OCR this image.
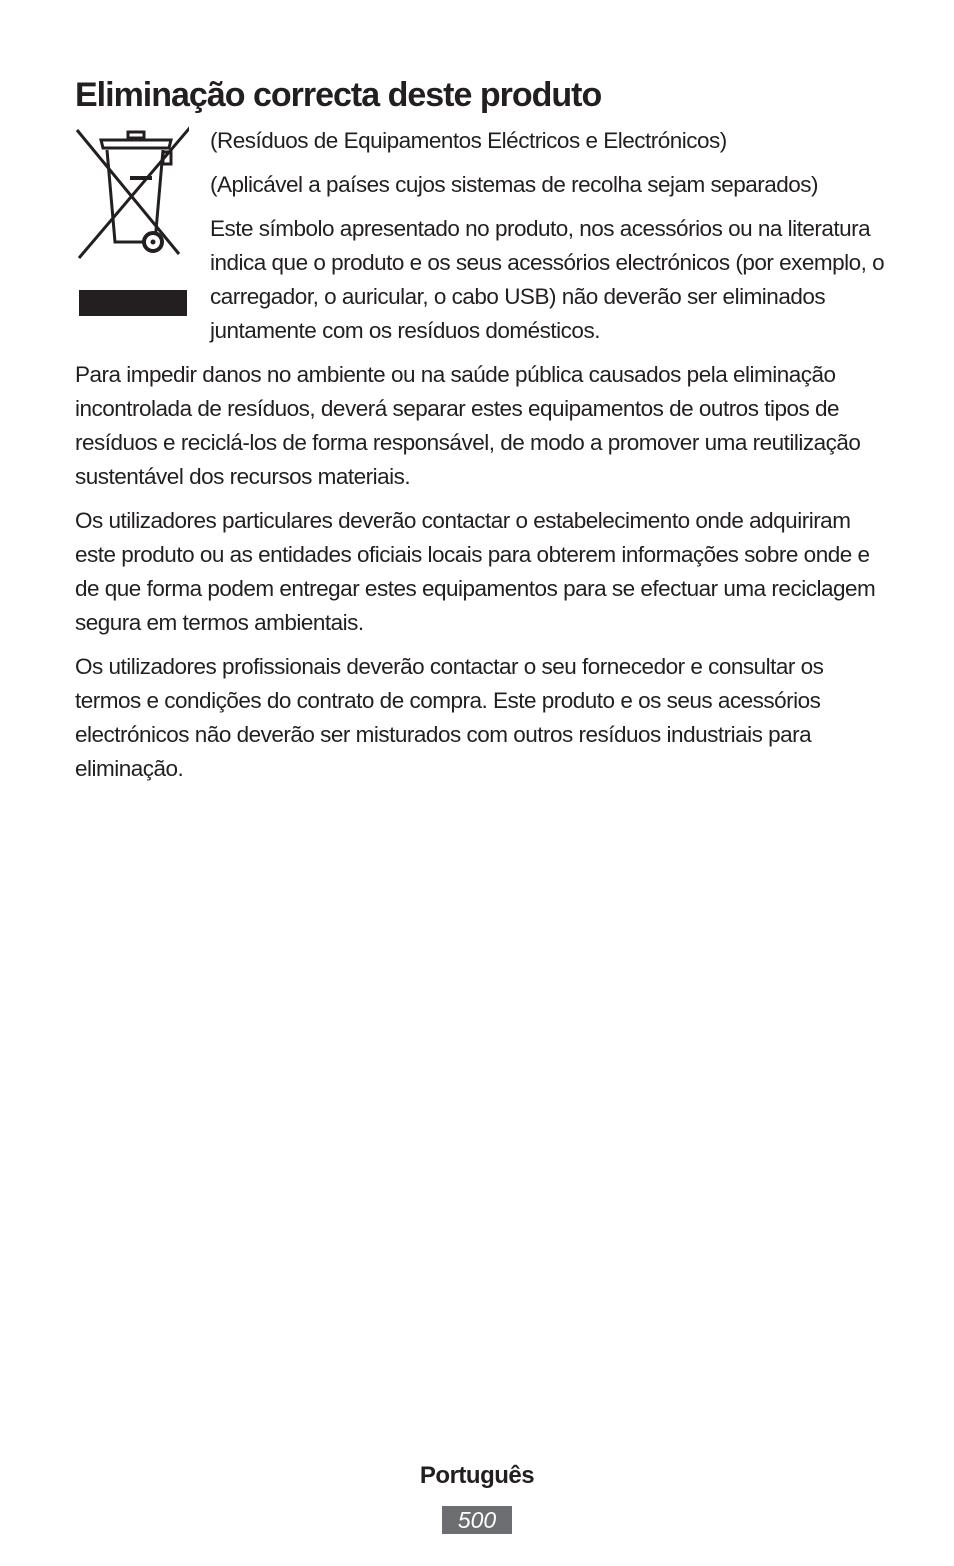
Eliminação correcta deste produto

(Resíduos de Equipamentos Eléctricos e Electrónicos)

(Aplicável a países cujos sistemas de recolha sejam separados)

Este símbolo apresentado no produto, nos acessórios ou na literatura indica que o produto e os seus acessórios electrónicos (por exemplo, o carregador, o auricular, o cabo USB) não deverão ser eliminados juntamente com os resíduos domésticos.

Para impedir danos no ambiente ou na saúde pública causados pela eliminação incontrolada de resíduos, deverá separar estes equipamentos de outros tipos de resíduos e reciclá-los de forma responsável, de modo a promover uma reutilização sustentável dos recursos materiais.

Os utilizadores particulares deverão contactar o estabelecimento onde adquiriram este produto ou as entidades oficiais locais para obterem informações sobre onde e de que forma podem entregar estes equipamentos para se efectuar uma reciclagem segura em termos ambientais.

Os utilizadores profissionais deverão contactar o seu fornecedor e consultar os termos e condições do contrato de compra. Este produto e os seus acessórios electrónicos não deverão ser misturados com outros resíduos industriais para eliminação.

Português
500
